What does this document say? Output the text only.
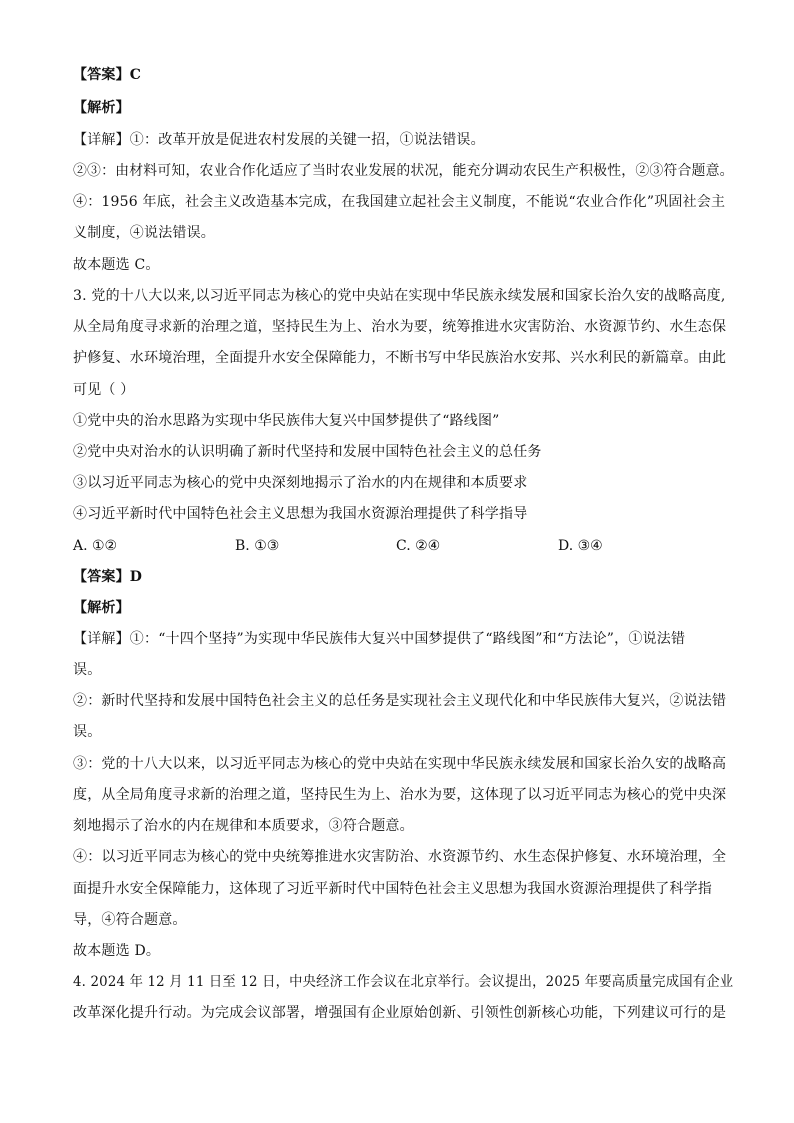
【答案】C
【解析】
【详解】①：改革开放是促进农村发展的关键一招，①说法错误。
②③：由材料可知，农业合作化适应了当时农业发展的状况，能充分调动农民生产积极性，②③符合题意。
④：1956 年底，社会主义改造基本完成，在我国建立起社会主义制度，不能说“农业合作化”巩固社会主
义制度，④说法错误。
故本题选 C。
3. 党的十八大以来,以习近平同志为核心的党中央站在实现中华民族永续发展和国家长治久安的战略高度,
从全局角度寻求新的治理之道，坚持民生为上、治水为要，统筹推进水灾害防治、水资源节约、水生态保
护修复、水环境治理，全面提升水安全保障能力，不断书写中华民族治水安邦、兴水利民的新篇章。由此
可见（ ）
①党中央的治水思路为实现中华民族伟大复兴中国梦提供了“路线图”
②党中央对治水的认识明确了新时代坚持和发展中国特色社会主义的总任务
③以习近平同志为核心的党中央深刻地揭示了治水的内在规律和本质要求
④习近平新时代中国特色社会主义思想为我国水资源治理提供了科学指导
A. ①②	B. ①③	C. ②④	D. ③④
【答案】D
【解析】
【详解】①：“十四个坚持”为实现中华民族伟大复兴中国梦提供了“路线图”和“方法论”，①说法错
误。
②：新时代坚持和发展中国特色社会主义的总任务是实现社会主义现代化和中华民族伟大复兴，②说法错
误。
③：党的十八大以来，以习近平同志为核心的党中央站在实现中华民族永续发展和国家长治久安的战略高
度，从全局角度寻求新的治理之道，坚持民生为上、治水为要，这体现了以习近平同志为核心的党中央深
刻地揭示了治水的内在规律和本质要求，③符合题意。
④：以习近平同志为核心的党中央统筹推进水灾害防治、水资源节约、水生态保护修复、水环境治理，全
面提升水安全保障能力，这体现了习近平新时代中国特色社会主义思想为我国水资源治理提供了科学指
导，④符合题意。
故本题选 D。
4. 2024 年 12 月 11 日至 12 日，中央经济工作会议在北京举行。会议提出，2025 年要高质量完成国有企业
改革深化提升行动。为完成会议部署，增强国有企业原始创新、引领性创新核心功能，下列建议可行的是
